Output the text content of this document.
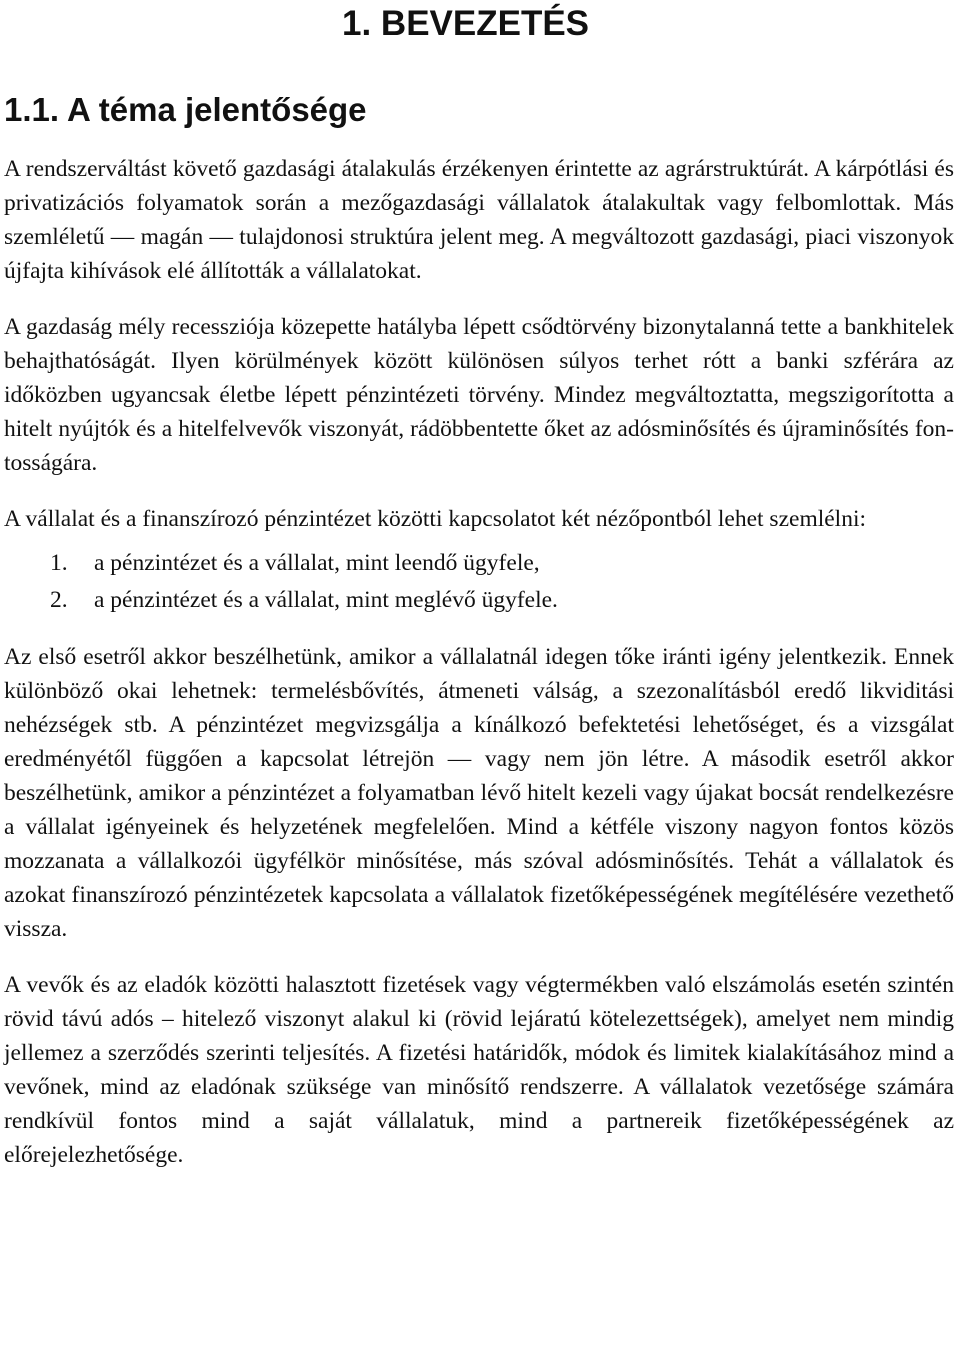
1. BEVEZETÉS
1.1. A téma jelentősége

A rendszerváltást követő gazdasági átalakulás érzékenyen érintette az agrárstruktúrát. A kárpótlási és privatizációs folyamatok során a mezőgazdasági vállalatok átalakultak vagy felbomlottak. Más szemléletű — magán — tulajdonosi struktúra jelent meg. A megváltozott gazdasági, piaci viszonyok újfajta kihívások elé állították a vállalatokat.

A gazdaság mély recessziója közepette hatályba lépett csődtörvény bizonytalanná tette a bankhitelek behajthatóságát. Ilyen körülmények között különösen súlyos terhet rótt a banki szférára az időközben ugyancsak életbe lépett pénzintézeti törvény. Mindez megváltoztatta, megszigorította a hitelt nyújtók és a hitelfelvevők viszonyát, rádöbbentette őket az adósminősítés és újraminősítés fontosságára.

A vállalat és a finanszírozó pénzintézet közötti kapcsolatot két nézőpontból lehet szemlélni:

1.	a pénzintézet és a vállalat, mint leendő ügyfele,
2.	a pénzintézet és a vállalat, mint meglévő ügyfele.

Az első esetről akkor beszélhetünk, amikor a vállalatnál idegen tőke iránti igény jelentkezik. Ennek különböző okai lehetnek: termelésbővítés, átmeneti válság, a szezonalításból eredő likviditási nehézségek stb. A pénzintézet megvizsgálja a kínálkozó befektetési lehetőséget, és a vizsgálat eredményétől függően a kapcsolat létrejön — vagy nem jön létre. A második esetről akkor beszélhetünk, amikor a pénzintézet a folyamatban lévő hitelt kezeli vagy újakat bocsát rendelkezésre a vállalat igényeinek és helyzetének megfelelően. Mind a kétféle viszony nagyon fontos közös mozzanata a vállalkozói ügyfélkör minősítése, más szóval adósminősítés. Tehát a vállalatok és azokat finanszírozó pénzintézetek kapcsolata a vállalatok fizetőképességének megítélésére vezethető vissza.

A vevők és az eladók közötti halasztott fizetések vagy végtermékben való elszámolás esetén szintén rövid távú adós – hitelező viszonyt alakul ki (rövid lejáratú kötelezettségek), amelyet nem mindig jellemez a szerződés szerinti teljesítés. A fizetési határidők, módok és limitek kialakításához mind a vevőnek, mind az eladónak szüksége van minősítő rendszerre. A vállalatok vezetősége számára rendkívül fontos mind a saját vállalatuk, mind a partnereik fizetőképességének az előrejelezhetősége.
